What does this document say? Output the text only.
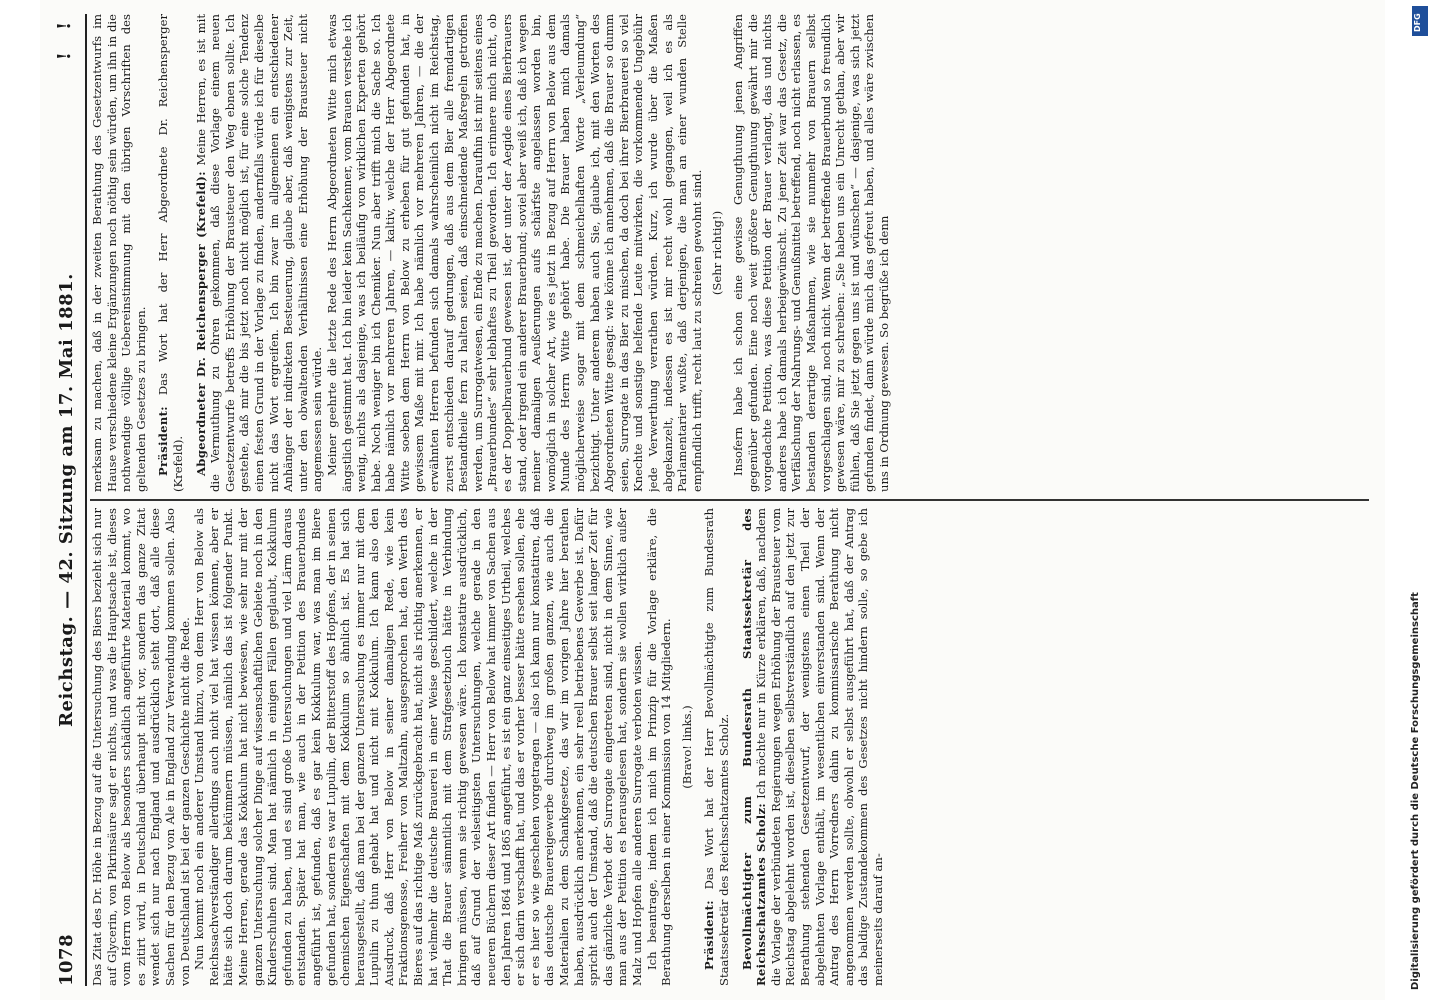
1078
Reichstag. — 42. Sitzung am 17. Mai 1881.
! !

Das Zitat des Dr. Höhe in Bezug auf die Untersuchung des Biers bezieht sich nur auf Glycerin, von Pikrinsäure sagt er nichts, und was die Hauptsache ist, dieses vom Herrn von Below als besonders schädlich angeführte Material kommt, wo es zitirt wird, in Deutschland überhaupt nicht vor, sondern das ganze Zitat wendet sich nur nach England und ausdrücklich steht dort, daß alle diese Sachen für den Bezug von Ale in England zur Verwendung kommen sollen. Also von Deutschland ist bei der ganzen Geschichte nicht die Rede. Nun kommt noch ein anderer Umstand hinzu, von dem Herr von Below als Reichssachverständiger allerdings auch nicht viel hat wissen können, aber er hätte sich doch darum bekümmern müssen, nämlich das ist folgender Punkt. Meine Herren, gerade das Kokkulum hat nicht bewiesen, wie sehr nur mit der ganzen Untersuchung solcher Dinge auf wissenschaftlichen Gebiete noch in den Kinderschuhen sind. Man hat nämlich in einigen Fällen geglaubt, Kokkulum gefunden zu haben, und es sind große Untersuchungen und viel Lärm daraus entstanden. Später hat man, wie auch in der Petition des Brauerbundes angeführt ist, gefunden, daß es gar kein Kokkulum war, was man im Biere gefunden hat, sondern es war Lupulin, der Bitterstoff des Hopfens, der in seinen chemischen Eigenschaften mit dem Kokkulum so ähnlich ist. Es hat sich herausgestellt, daß man bei der ganzen Untersuchung es immer nur mit dem Lupulin zu thun gehabt hat und nicht mit Kokkulum. Ich kann also den Ausdruck, daß Herr von Below in seiner damaligen Rede, wie kein Fraktionsgenosse, Freiherr von Maltzahn, ausgesprochen hat, den Werth des Bieres auf das richtige Maß zurückgebracht hat, nicht als richtig anerkennen, er hat vielmehr die deutsche Brauerei in einer Weise geschildert, welche in der That die Brauer sämmtlich mit dem Strafgesetzbuch hätte in Verbindung bringen müssen, wenn sie richtig gewesen wäre. Ich konstatire ausdrücklich, daß auf Grund der vielseitigsten Untersuchungen, welche gerade in den neueren Büchern dieser Art finden — Herr von Below hat immer von Sachen aus den Jahren 1864 und 1865 angeführt, es ist ein ganz einseitiges Urtheil, welches er sich darin verschafft hat, und das er vorher besser hätte ersehen sollen, ehe er es hier so wie geschehen vorgetragen — also ich kann nur konstatiren, daß das deutsche Brauereigewerbe durchweg im großen ganzen, wie auch die Materialien zu dem Schankgesetze, das wir im vorigen Jahre hier berathen haben, ausdrücklich anerkennen, ein sehr reell betriebenes Gewerbe ist. Dafür spricht auch der Umstand, daß die deutschen Brauer selbst seit langer Zeit für das gänzliche Verbot der Surrogate eingetreten sind, nicht in dem Sinne, wie man aus der Petition es herausgelesen hat, sondern sie wollen wirklich außer Malz und Hopfen alle anderen Surrogate verboten wissen. Ich beantrage, indem ich mich im Prinzip für die Vorlage erkläre, die Berathung derselben in einer Kommission von 14 Mitgliedern. (Bravo! links.)

Präsident: Das Wort hat der Herr Bevollmächtigte zum Bundesrath Staatssekretär des Reichsschatzamtes Scholz. Bevollmächtigter zum Bundesrath Staatssekretär des Reichsschatzamtes Scholz: Ich möchte nur in Kürze erklären, daß, nachdem die Vorlage der verbündeten Regierungen wegen Erhöhung der Brausteuer vom Reichstag abgelehnt worden ist, dieselben selbstverständlich auf den jetzt zur Berathung stehenden Gesetzentwurf, der wenigstens einen Theil der abgelehnten Vorlage enthält, im wesentlichen einverstanden sind. Wenn der Antrag des Herrn Vorredners dahin zu kommissarische Berathung nicht angenommen werden sollte, obwohl er selbst ausgeführt hat, daß der Antrag das baldige Zustandekommen des Gesetzes nicht hindern solle, so gebe ich meinerseits darauf an-

merksam zu machen, daß in der zweiten Berathung des Gesetzentwurfs im Hause verschiedene kleine Ergänzungen noch nöthig sein würden, um ihn in die nothwendige völlige Uebereinstimmung mit den übrigen Vorschriften des geltenden Gesetzes zu bringen. Präsident: Das Wort hat der Herr Abgeordnete Dr. Reichensperger (Krefeld). Abgeordneter Dr. Reichensperger (Krefeld): Meine Herren, es ist mit die Vermuthung zu Ohren gekommen, daß diese Vorlage einem neuen Gesetzentwurfe betreffs Erhöhung der Brausteuer den Weg ebnen sollte. Ich gestehe, daß mir die bis jetzt noch nicht möglich ist, für eine solche Tendenz einen festen Grund in der Vorlage zu finden, andernfalls würde ich für dieselbe nicht das Wort ergreifen. Ich bin zwar im allgemeinen ein entschiedener Anhänger der indirekten Besteuerung, glaube aber, daß wenigstens zur Zeit, unter den obwaltenden Verhältnissen eine Erhöhung der Brausteuer nicht angemessen sein würde. Meiner geehrte die letzte Rede des Herrn Abgeordneten Witte mich etwas ängstlich gestimmt hat. Ich bin leider kein Sachkenner, vom Brauen verstehe ich wenig, nichts als dasjenige, was ich beiläufig von wirklichen Experten gehört habe. Noch weniger bin ich Chemiker. Nun aber trifft mich die Sache so. Ich habe nämlich vor mehreren Jahren, — kaltiv, welche der Herr Abgeordnete Witte soeben dem Herrn von Below zu erheben für gut gefunden hat, in gewissem Maße mit mir. Ich habe nämlich vor mehreren Jahren, — die der erwähnten Herren befunden sich damals wahrscheinlich nicht im Reichstag, zuerst entschieden darauf gedrungen, daß aus dem Bier alle fremdartigen Bestandtheile fern zu halten seien, daß einschneidende Maßregeln getroffen werden, um Surrogatwesen, ein Ende zu machen. Daraufhin ist mir seitens eines „Brauerbundes“ sehr lebhaftes zu Theil geworden. Ich erinnere mich nicht, ob es der Doppelbrauerbund gewesen ist, der unter der Aegide eines Bierbrauers stand, oder irgend ein anderer Brauerbund; soviel aber weiß ich, daß ich wegen meiner damaligen Aeußerungen aufs schärfste angelassen worden bin, womöglich in solcher Art, wie es jetzt in Bezug auf Herrn von Below aus dem Munde des Herrn Witte gehört habe. Die Brauer haben mich damals möglicherweise sogar mit dem schmeichelhaften Worte „Verleumdung“ bezichtigt. Unter anderem haben auch Sie, glaube ich, mit den Worten des Abgeordneten Witte gesagt: wie könne ich annehmen, daß die Brauer so dumm seien, Surrogate in das Bier zu mischen, da doch bei ihrer Bierbrauerei so viel Knechte und sonstige helfende Leute mitwirken, die vorkommende Ungebühr jede Verwerthung verrathen würden. Kurz, ich wurde über die Maßen abgekanzelt, indessen es ist mir recht wohl gegangen, weil ich es als Parlamentarier wußte, daß derjenigen, die man an einer wunden Stelle empfindlich trifft, recht laut zu schreien gewohnt sind. (Sehr richtig!) Insofern habe ich schon eine gewisse Genugthuung jenen Angriffen gegenüber gefunden. Eine noch weit größere Genugthuung gewährt mir die vorgedachte Petition, was diese Petition der Brauer verlangt, das und nichts anderes habe ich damals herbeigewünscht. Zu jener Zeit war das Gesetz, die Verfälschung der Nahrungs- und Genußmittel betreffend, noch nicht erlassen, es bestanden derartige Maßnahmen, wie sie nunmehr von Brauern selbst vorgeschlagen sind, noch nicht. Wenn der betreffende Brauerbund so freundlich gewesen wäre, mir zu schreiben: „Sie haben uns ein Unrecht gethan, aber wir fühlen, daß Sie jetzt gegen uns ist und wünschen“ — dasjenige, was sich jetzt gefunden findet, dann würde mich das gefreut haben, und alles wäre zwischen uns in Ordnung gewesen. So begrüße ich denn

Digitalisierung gefördert durch die Deutsche Forschungsgemeinschaft
DFG
